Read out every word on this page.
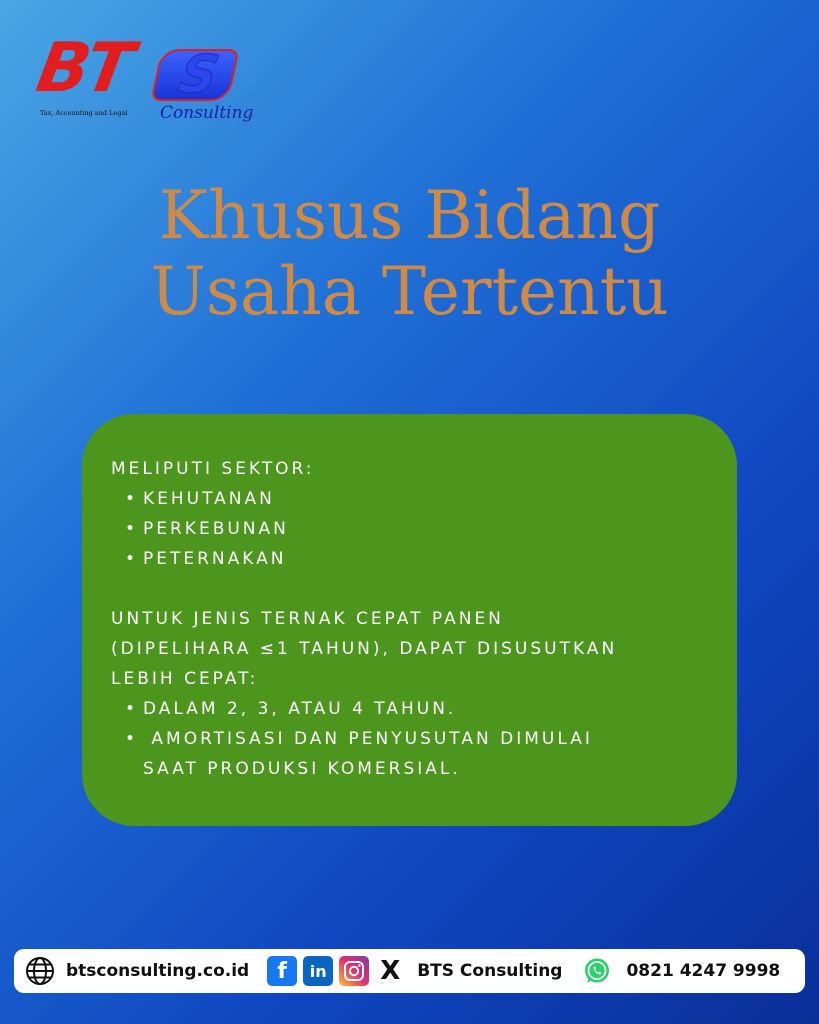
BT S
Tax, Accounting and Legal Consulting
Khusus Bidang
Usaha Tertentu
MELIPUTI SEKTOR:
• KEHUTANAN
• PERKEBUNAN
• PETERNAKAN
UNTUK JENIS TERNAK CEPAT PANEN
(DIPELIHARA ≤1 TAHUN), DAPAT DISUSUTKAN
LEBIH CEPAT:
• DALAM 2, 3, ATAU 4 TAHUN.
• AMORTISASI DAN PENYUSUTAN DIMULAI
SAAT PRODUKSI KOMERSIAL.
btsconsulting.co.id	f	in X BTS Consulting	0821 4247 9998
